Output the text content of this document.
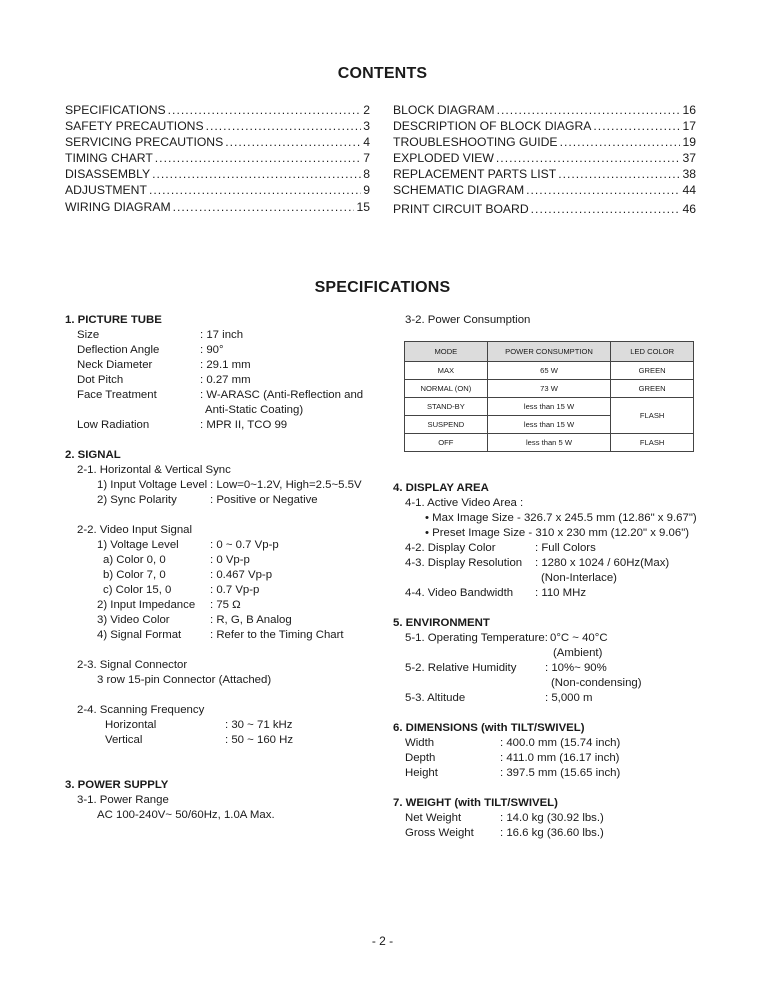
CONTENTS
SPECIFICATIONS .....	2
SAFETY PRECAUTIONS .....	3
SERVICING PRECAUTIONS .....	4
TIMING CHART .....	7
DISASSEMBLY .....	8
ADJUSTMENT .....	9
WIRING DIAGRAM .....	15
BLOCK DIAGRAM .....	16
DESCRIPTION OF BLOCK DIAGRA .....	17
TROUBLESHOOTING GUIDE .....	19
EXPLODED VIEW .....	37
REPLACEMENT PARTS LIST .....	38
SCHEMATIC DIAGRAM .....	44
PRINT CIRCUIT BOARD .....	46
SPECIFICATIONS
1. PICTURE TUBE
Size	: 17 inch
Deflection Angle	: 90°
Neck Diameter	: 29.1 mm
Dot Pitch	: 0.27 mm
Face Treatment	: W-ARASC (Anti-Reflection and
Anti-Static Coating)
Low Radiation	: MPR II, TCO 99
2. SIGNAL
2-1. Horizontal & Vertical Sync
1) Input Voltage Level : Low=0~1.2V, High=2.5~5.5V
2) Sync Polarity	: Positive or Negative
2-2. Video Input Signal
1) Voltage Level	: 0 ~ 0.7 Vp-p
a) Color 0, 0	: 0 Vp-p
b) Color 7, 0	: 0.467 Vp-p
c) Color 15, 0	: 0.7 Vp-p
2) Input Impedance : 75 Ω
3) Video Color	: R, G, B Analog
4) Signal Format	: Refer to the Timing Chart
2-3. Signal Connector
3 row 15-pin Connector (Attached)
2-4. Scanning Frequency
Horizontal	: 30 ~ 71 kHz
Vertical	: 50 ~ 160 Hz
3. POWER SUPPLY
3-1. Power Range
AC 100-240V~ 50/60Hz, 1.0A Max.
3-2. Power Consumption
MODE	POWER CONSUMPTION	LED COLOR
MAX	65 W	GREEN
NORMAL (ON)	73 W	GREEN
STAND-BY	less than 15 W	FLASH
SUSPEND	less than 15 W	
OFF	less than 5 W	FLASH
4. DISPLAY AREA
4-1. Active Video Area :
• Max Image Size - 326.7 x 245.5 mm (12.86" x 9.67")
• Preset Image Size - 310 x 230 mm (12.20" x 9.06")
4-2. Display Color	: Full Colors
4-3. Display Resolution : 1280 x 1024 / 60Hz(Max)
(Non-Interlace)
4-4. Video Bandwidth : 110 MHz
5. ENVIRONMENT
5-1. Operating Temperature: 0°C ~ 40°C
(Ambient)
5-2. Relative Humidity	: 10%~ 90%
(Non-condensing)
5-3. Altitude	: 5,000 m
6. DIMENSIONS (with TILT/SWIVEL)
Width	: 400.0 mm (15.74 inch)
Depth	: 411.0 mm (16.17 inch)
Height	: 397.5 mm (15.65 inch)
7. WEIGHT (with TILT/SWIVEL)
Net Weight	: 14.0 kg (30.92 lbs.)
Gross Weight : 16.6 kg (36.60 lbs.)
- 2 -
